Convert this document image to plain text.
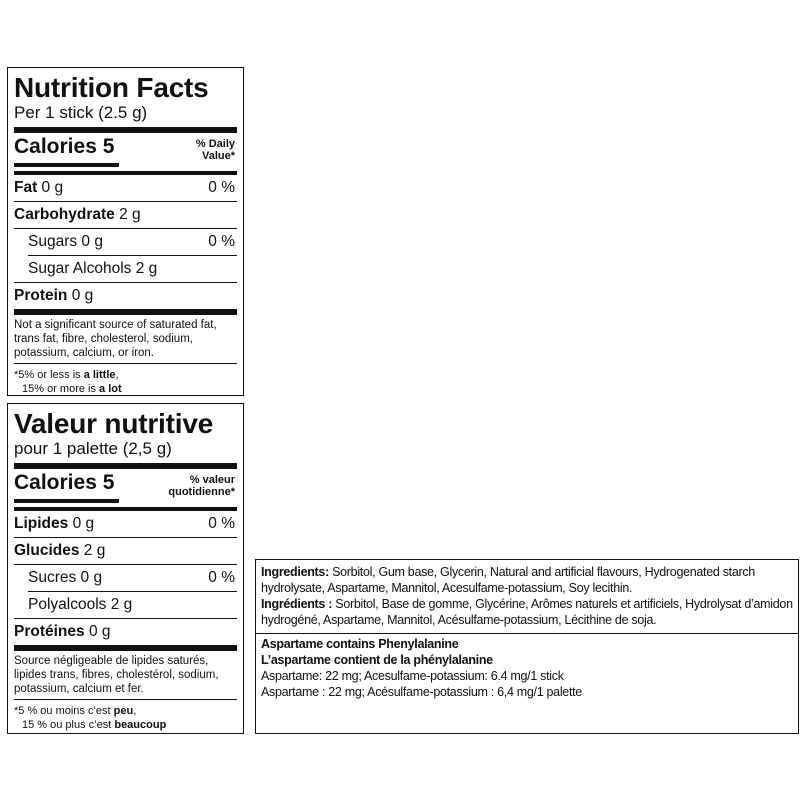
Nutrition Facts
Per 1 stick (2.5 g)
Calories 5	% Daily
Value*
Fat 0 g	0 %
Carbohydrate 2 g
Sugars 0 g	0 %
Sugar Alcohols 2 g
Protein 0 g
Not a significant source of saturated fat, trans fat, fibre, cholesterol, sodium, potassium, calcium, or iron.
*5% or less is a little,
15% or more is a lot
Valeur nutritive
pour 1 palette (2,5 g)
Calories 5	% valeur
quotidienne*
Lipides 0 g	0 %
Glucides 2 g
Sucres 0 g	0 %
Polyalcools 2 g
Protéines 0 g
Source négligeable de lipides saturés, lipides trans, fibres, cholestérol, sodium, potassium, calcium et fer.
*5 % ou moins c’est peu,
15 % ou plus c’est beaucoup
Ingredients: Sorbitol, Gum base, Glycerin, Natural and artificial flavours, Hydrogenated starch hydrolysate, Aspartame, Mannitol, Acesulfame-potassium, Soy lecithin.
Ingrédients : Sorbitol, Base de gomme, Glycérine, Arômes naturels et artificiels, Hydrolysat d’amidon hydrogéné, Aspartame, Mannitol, Acésulfame-potassium, Lécithine de soja.
Aspartame contains Phenylalanine
L’aspartame contient de la phénylalanine
Aspartame: 22 mg; Acesulfame-potassium: 6.4 mg/1 stick
Aspartame : 22 mg; Acésulfame-potassium : 6,4 mg/1 palette
